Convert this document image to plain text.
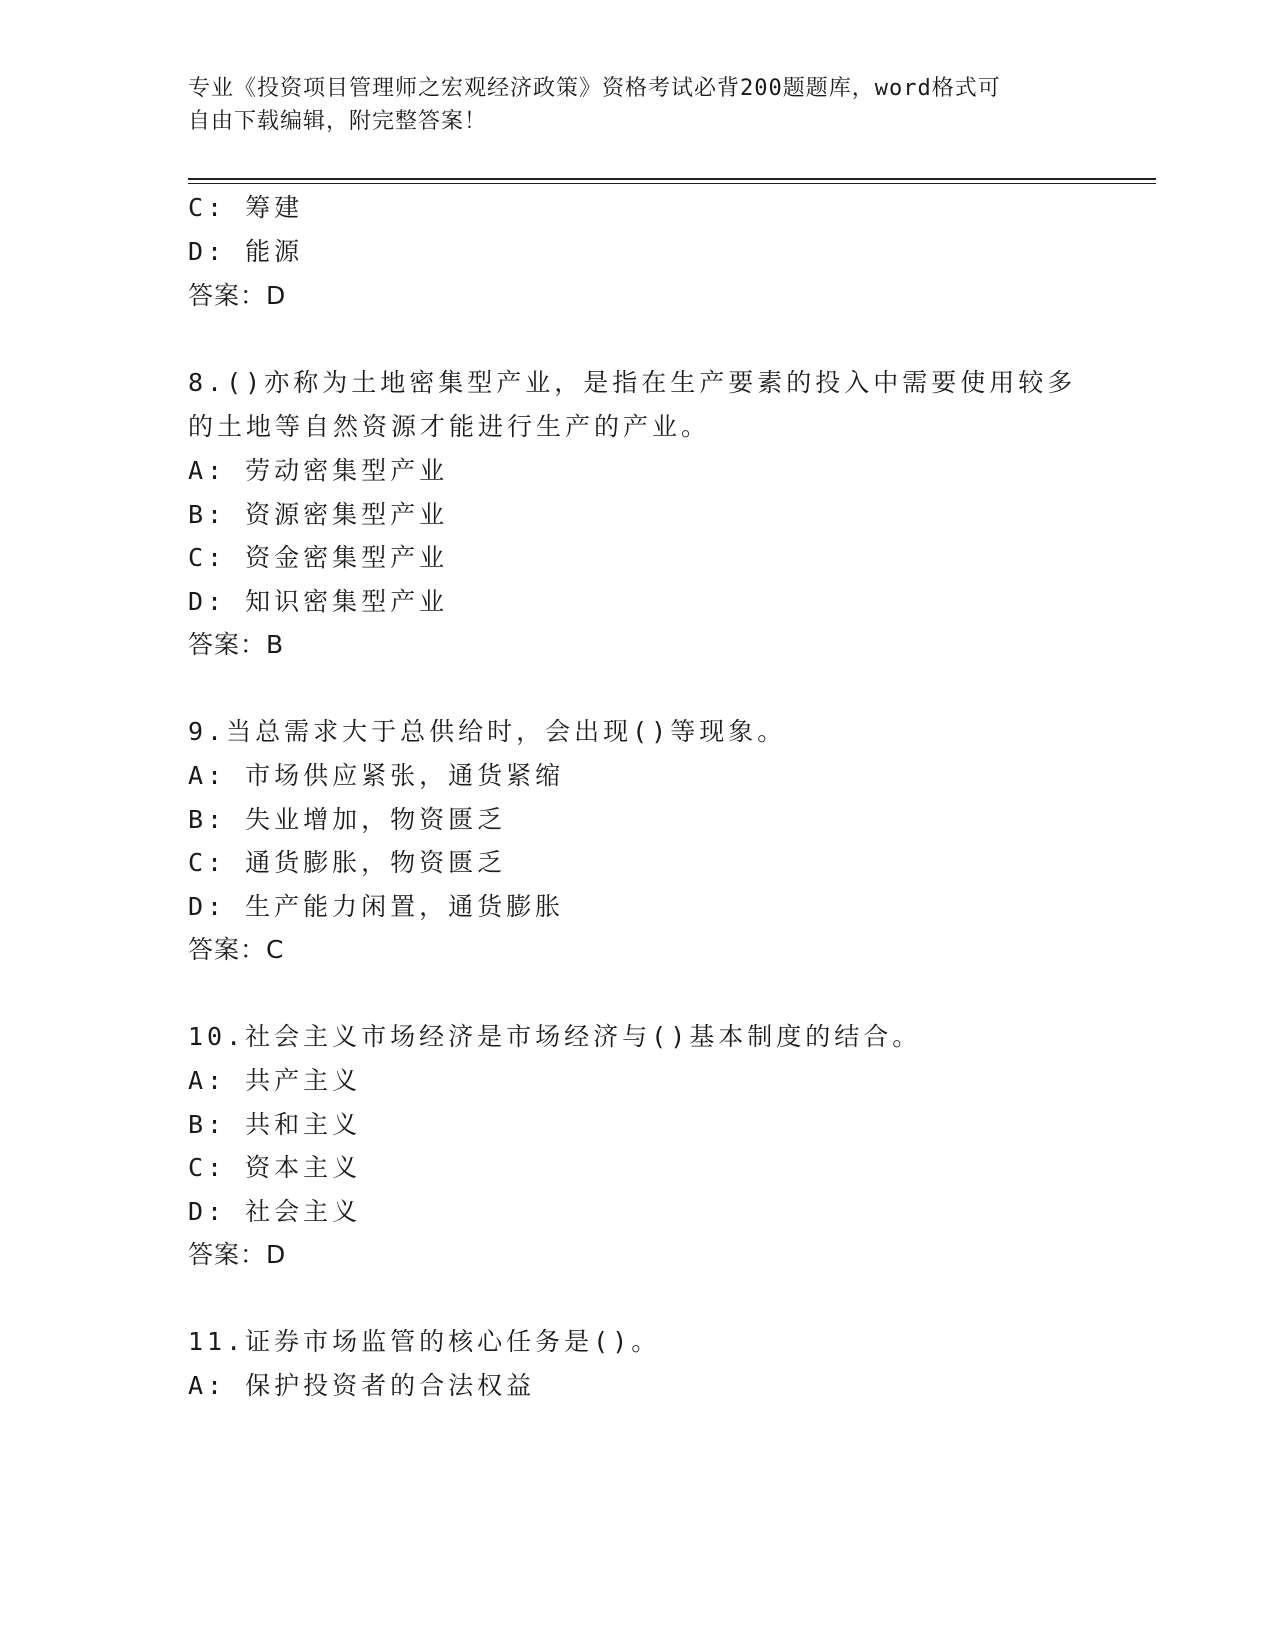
专业《投资项目管理师之宏观经济政策》资格考试必背200题题库，word格式可
自由下载编辑，附完整答案！
C: 筹建
D: 能源
答案：D
8.()亦称为土地密集型产业，是指在生产要素的投入中需要使用较多
的土地等自然资源才能进行生产的产业。
A: 劳动密集型产业
B: 资源密集型产业
C: 资金密集型产业
D: 知识密集型产业
答案：B
9.当总需求大于总供给时，会出现()等现象。
A: 市场供应紧张，通货紧缩
B: 失业增加，物资匮乏
C: 通货膨胀，物资匮乏
D: 生产能力闲置，通货膨胀
答案：C
10.社会主义市场经济是市场经济与()基本制度的结合。
A: 共产主义
B: 共和主义
C: 资本主义
D: 社会主义
答案：D
11.证券市场监管的核心任务是()。
A: 保护投资者的合法权益
